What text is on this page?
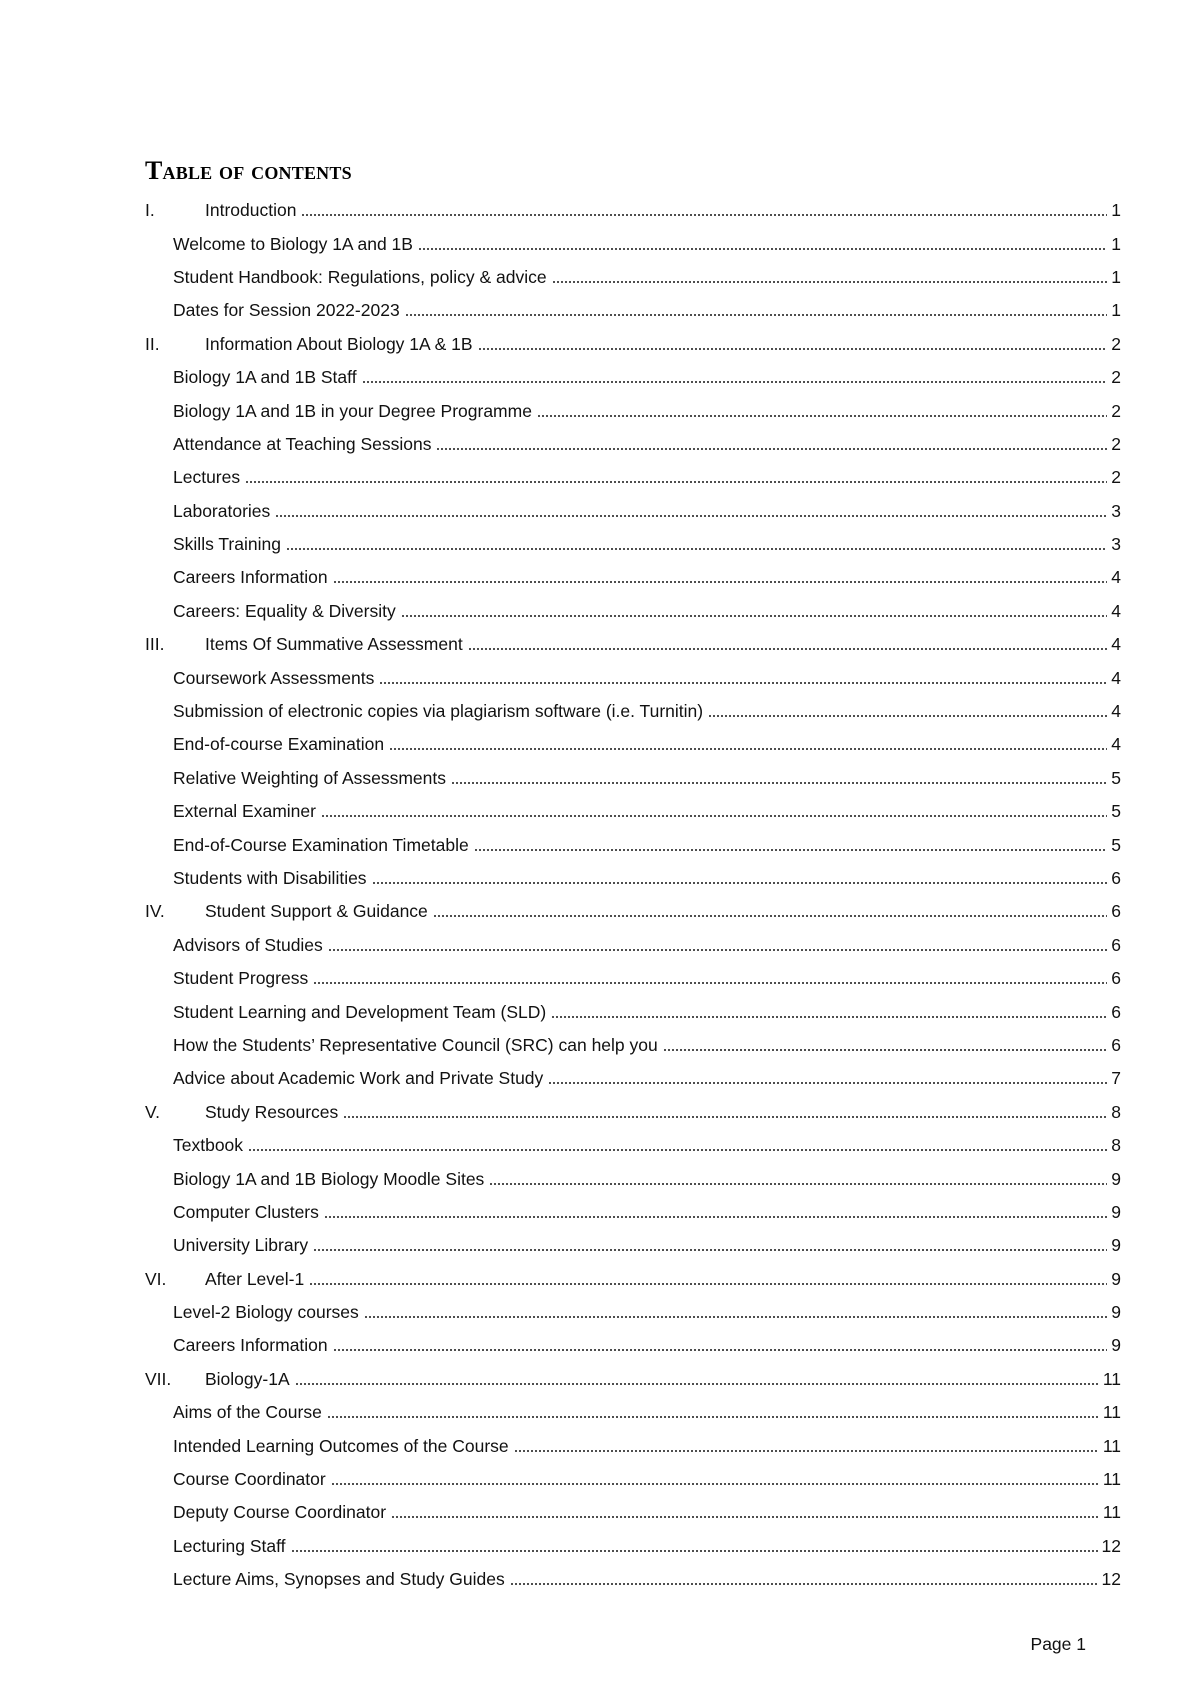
Table of contents
I.	Introduction	1
Welcome to Biology 1A and 1B	1
Student Handbook: Regulations, policy & advice	1
Dates for Session 2022-2023	1
II.	Information About Biology 1A & 1B	2
Biology 1A and 1B Staff	2
Biology 1A and 1B in your Degree Programme	2
Attendance at Teaching Sessions	2
Lectures	2
Laboratories	3
Skills Training	3
Careers Information	4
Careers: Equality & Diversity	4
III.	Items Of Summative Assessment	4
Coursework Assessments	4
Submission of electronic copies via plagiarism software (i.e. Turnitin)	4
End-of-course Examination	4
Relative Weighting of Assessments	5
External Examiner	5
End-of-Course Examination Timetable	5
Students with Disabilities	6
IV.	Student Support & Guidance	6
Advisors of Studies	6
Student Progress	6
Student Learning and Development Team (SLD)	6
How the Students’ Representative Council (SRC) can help you	6
Advice about Academic Work and Private Study	7
V.	Study Resources	8
Textbook	8
Biology 1A and 1B Biology Moodle Sites	9
Computer Clusters	9
University Library	9
VI.	After Level-1	9
Level-2 Biology courses	9
Careers Information	9
VII.	Biology-1A	11
Aims of the Course	11
Intended Learning Outcomes of the Course	11
Course Coordinator	11
Deputy Course Coordinator	11
Lecturing Staff	12
Lecture Aims, Synopses and Study Guides	12
Page 1
